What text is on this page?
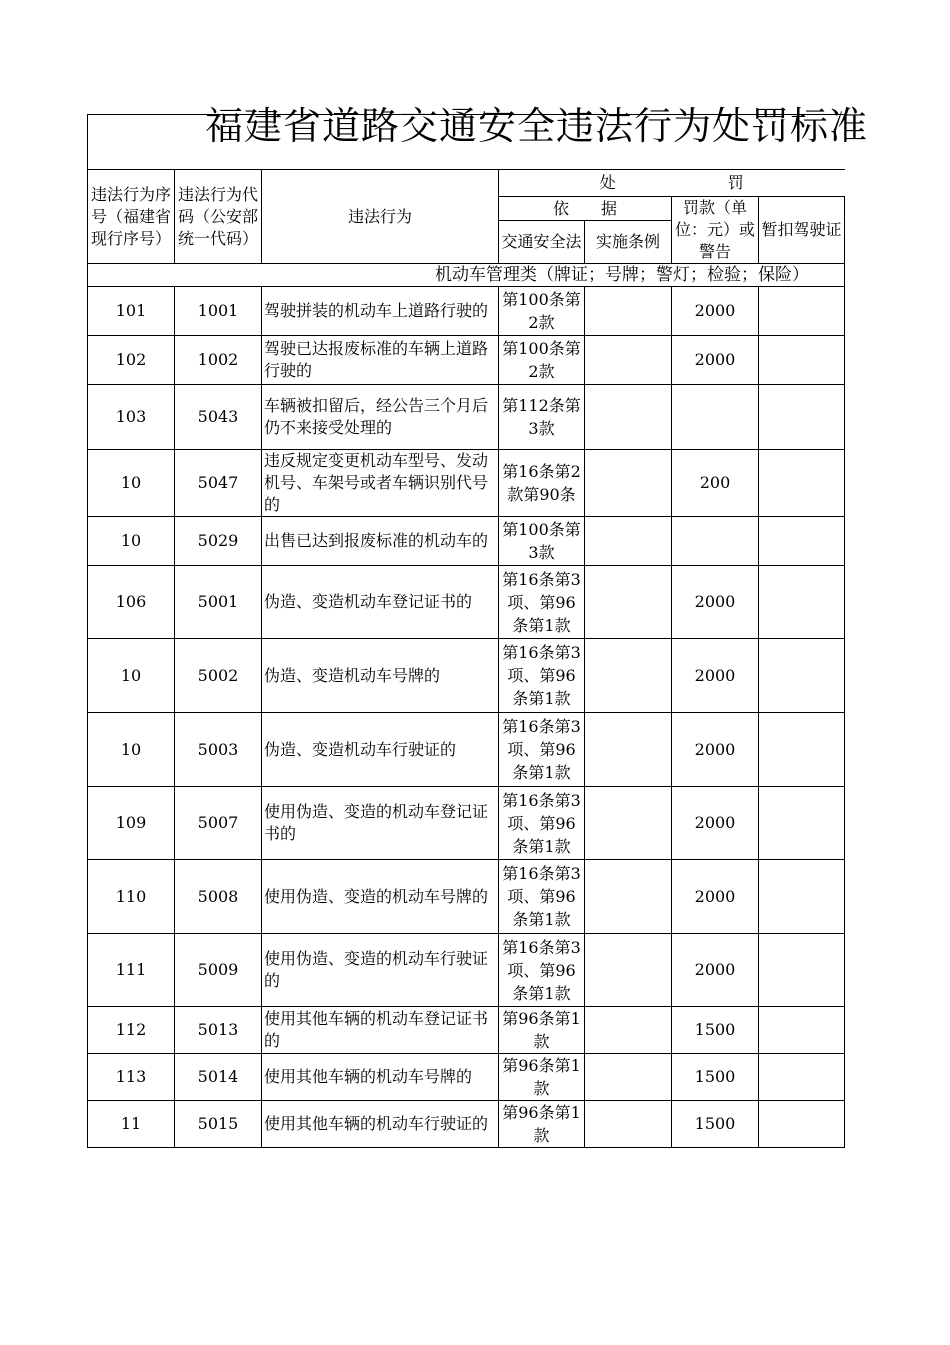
福建省道路交通安全违法行为处罚标准
违法行为序号（福建省现行序号）	违法行为代码（公安部统一代码）	违法行为	处　　　　　　　罚			
			依　　据		罚款（单位：元）或警告	暂扣驾驶证
			交通安全法	实施条例		
机动车管理类（牌证；号牌；警灯；检验；保险）						
101	1001	驾驶拼装的机动车上道路行驶的	第100条第2款		2000	
102	1002	驾驶已达报废标准的车辆上道路行驶的	第100条第2款		2000	
103	5043	车辆被扣留后，经公告三个月后仍不来接受处理的	第112条第3款			
10	5047	违反规定变更机动车型号、发动机号、车架号或者车辆识别代号的	第16条第2款第90条		200	
10	5029	出售已达到报废标准的机动车的	第100条第3款			
106	5001	伪造、变造机动车登记证书的	第16条第3项、第96条第1款		2000	
10	5002	伪造、变造机动车号牌的	第16条第3项、第96条第1款		2000	
10	5003	伪造、变造机动车行驶证的	第16条第3项、第96条第1款		2000	
109	5007	使用伪造、变造的机动车登记证书的	第16条第3项、第96条第1款		2000	
110	5008	使用伪造、变造的机动车号牌的	第16条第3项、第96条第1款		2000	
111	5009	使用伪造、变造的机动车行驶证的	第16条第3项、第96条第1款		2000	
112	5013	使用其他车辆的机动车登记证书的	第96条第1款		1500	
113	5014	使用其他车辆的机动车号牌的	第96条第1款		1500	
11	5015	使用其他车辆的机动车行驶证的	第96条第1款		1500	
